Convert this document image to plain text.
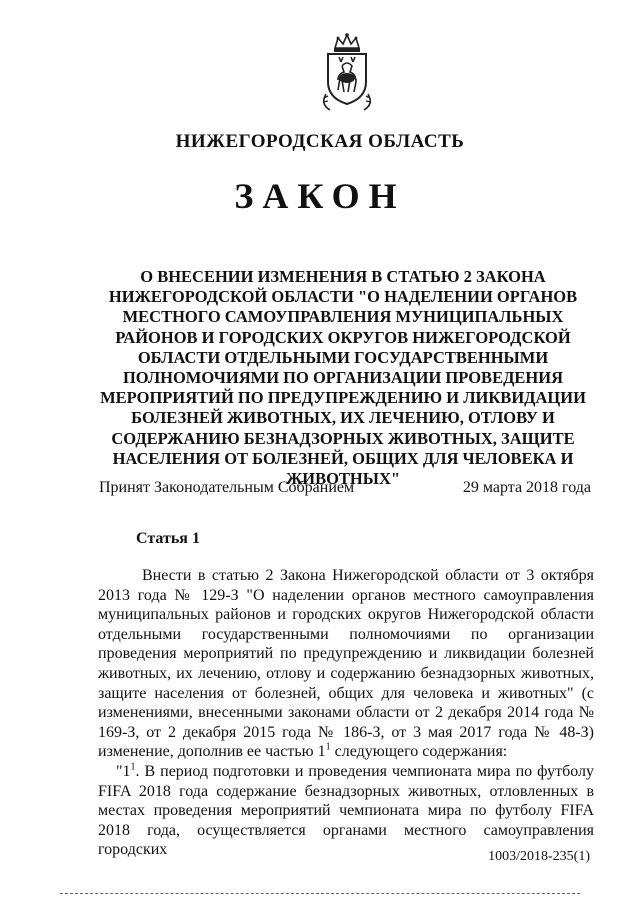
НИЖЕГОРОДСКАЯ ОБЛАСТЬ
ЗАКОН
О ВНЕСЕНИИ ИЗМЕНЕНИЯ В СТАТЬЮ 2 ЗАКОНА НИЖЕГОРОДСКОЙ ОБЛАСТИ "О НАДЕЛЕНИИ ОРГАНОВ МЕСТНОГО САМОУПРАВЛЕНИЯ МУНИЦИПАЛЬНЫХ РАЙОНОВ И ГОРОДСКИХ ОКРУГОВ НИЖЕГОРОДСКОЙ ОБЛАСТИ ОТДЕЛЬНЫМИ ГОСУДАРСТВЕННЫМИ ПОЛНОМОЧИЯМИ ПО ОРГАНИЗАЦИИ ПРОВЕДЕНИЯ МЕРОПРИЯТИЙ ПО ПРЕДУПРЕЖДЕНИЮ И ЛИКВИДАЦИИ БОЛЕЗНЕЙ ЖИВОТНЫХ, ИХ ЛЕЧЕНИЮ, ОТЛОВУ И СОДЕРЖАНИЮ БЕЗНАДЗОРНЫХ ЖИВОТНЫХ, ЗАЩИТЕ НАСЕЛЕНИЯ ОТ БОЛЕЗНЕЙ, ОБЩИХ ДЛЯ ЧЕЛОВЕКА И ЖИВОТНЫХ"
Принят Законодательным Собранием	29 марта 2018 года
Статья 1

Внести в статью 2 Закона Нижегородской области от 3 октября 2013 года № 129-З "О наделении органов местного самоуправления муниципальных районов и городских округов Нижегородской области отдельными государственными полномочиями по организации проведения мероприятий по предупреждению и ликвидации болезней животных, их лечению, отлову и содержанию безнадзорных животных, защите населения от болезней, общих для человека и животных" (с изменениями, внесенными законами области от 2 декабря 2014 года № 169-З, от 2 декабря 2015 года № 186-З, от 3 мая 2017 года № 48-З) изменение, дополнив ее частью $1^1$ следующего содержания:

"$1^1$. В период подготовки и проведения чемпионата мира по футболу FIFA 2018 года содержание безнадзорных животных, отловленных в местах проведения мероприятий чемпионата мира по футболу FIFA 2018 года, осуществляется органами местного самоуправления городских	1003/2018-235(1)
